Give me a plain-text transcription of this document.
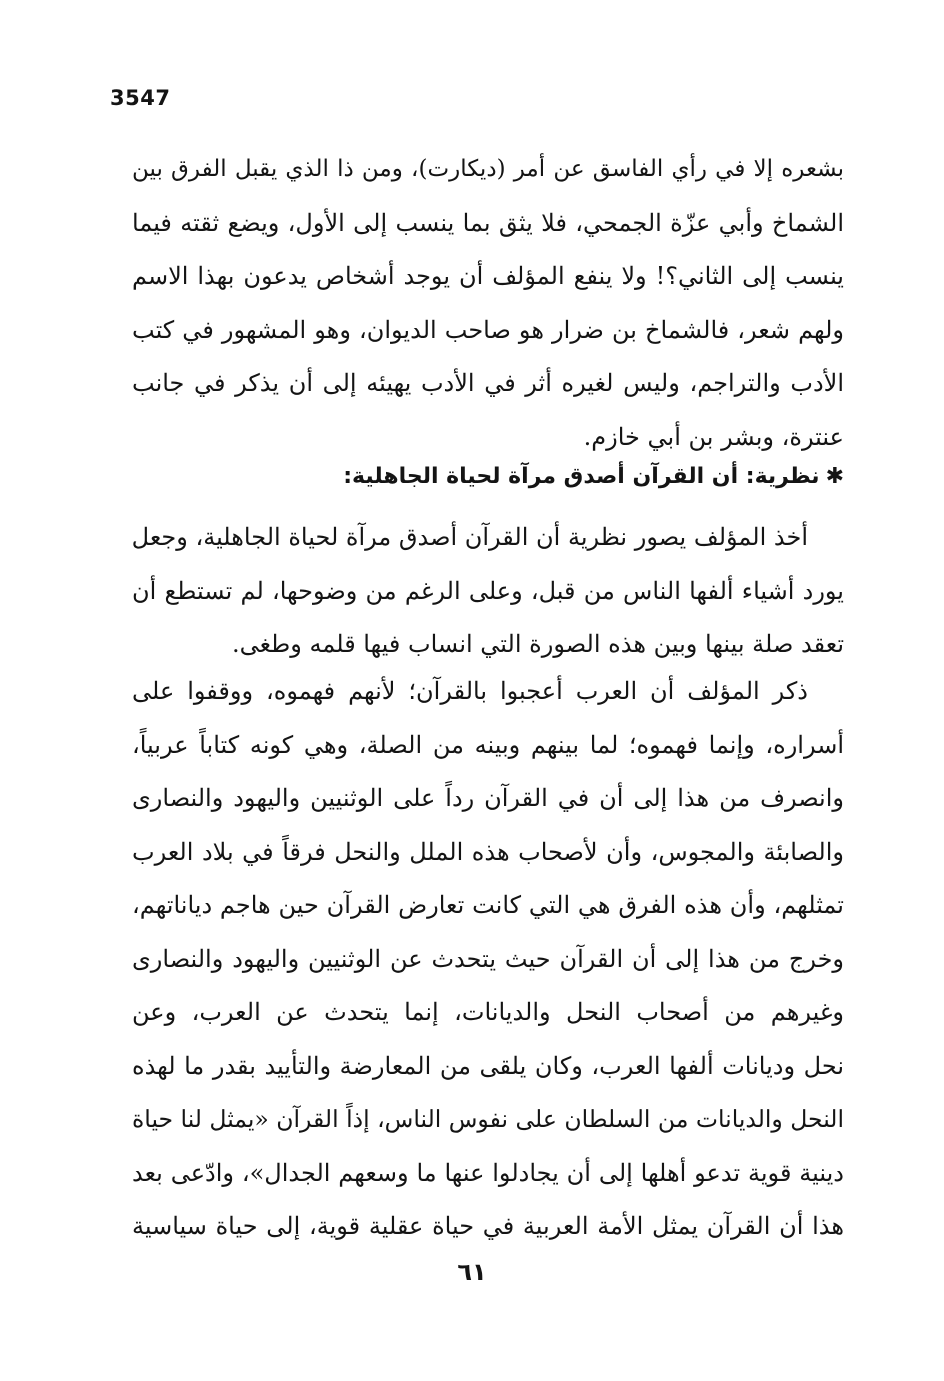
3547
بشعره إلا في رأي الفاسق عن أمر (ديكارت)، ومن ذا الذي يقبل الفرق بين
الشماخ وأبي عزّة الجمحي، فلا يثق بما ينسب إلى الأول، ويضع ثقته فيما
ينسب إلى الثاني؟! ولا ينفع المؤلف أن يوجد أشخاص يدعون بهذا الاسم
ولهم شعر، فالشماخ بن ضرار هو صاحب الديوان، وهو المشهور في كتب
الأدب والتراجم، وليس لغيره أثر في الأدب يهيئه إلى أن يذكر في جانب
عنترة، وبشر بن أبي خازم.
✱نظرية: أن القرآن أصدق مرآة لحياة الجاهلية:
أخذ المؤلف يصور نظرية أن القرآن أصدق مرآة لحياة الجاهلية، وجعل
يورد أشياء ألفها الناس من قبل، وعلى الرغم من وضوحها، لم تستطع أن
تعقد صلة بينها وبين هذه الصورة التي انساب فيها قلمه وطغى.
ذكر المؤلف أن العرب أعجبوا بالقرآن؛ لأنهم فهموه، ووقفوا على
أسراره، وإنما فهموه؛ لما بينهم وبينه من الصلة، وهي كونه كتاباً عربياً،
وانصرف من هذا إلى أن في القرآن رداً على الوثنيين واليهود والنصارى
والصابئة والمجوس، وأن لأصحاب هذه الملل والنحل فرقاً في بلاد العرب
تمثلهم، وأن هذه الفرق هي التي كانت تعارض القرآن حين هاجم دياناتهم،
وخرج من هذا إلى أن القرآن حيث يتحدث عن الوثنيين واليهود والنصارى
وغيرهم من أصحاب النحل والديانات، إنما يتحدث عن العرب، وعن
نحل وديانات ألفها العرب، وكان يلقى من المعارضة والتأييد بقدر ما لهذه
النحل والديانات من السلطان على نفوس الناس، إذاً القرآن «يمثل لنا حياة
دينية قوية تدعو أهلها إلى أن يجادلوا عنها ما وسعهم الجدال»، وادّعى بعد
هذا أن القرآن يمثل الأمة العربية في حياة عقلية قوية، إلى حياة سياسية
٦١
